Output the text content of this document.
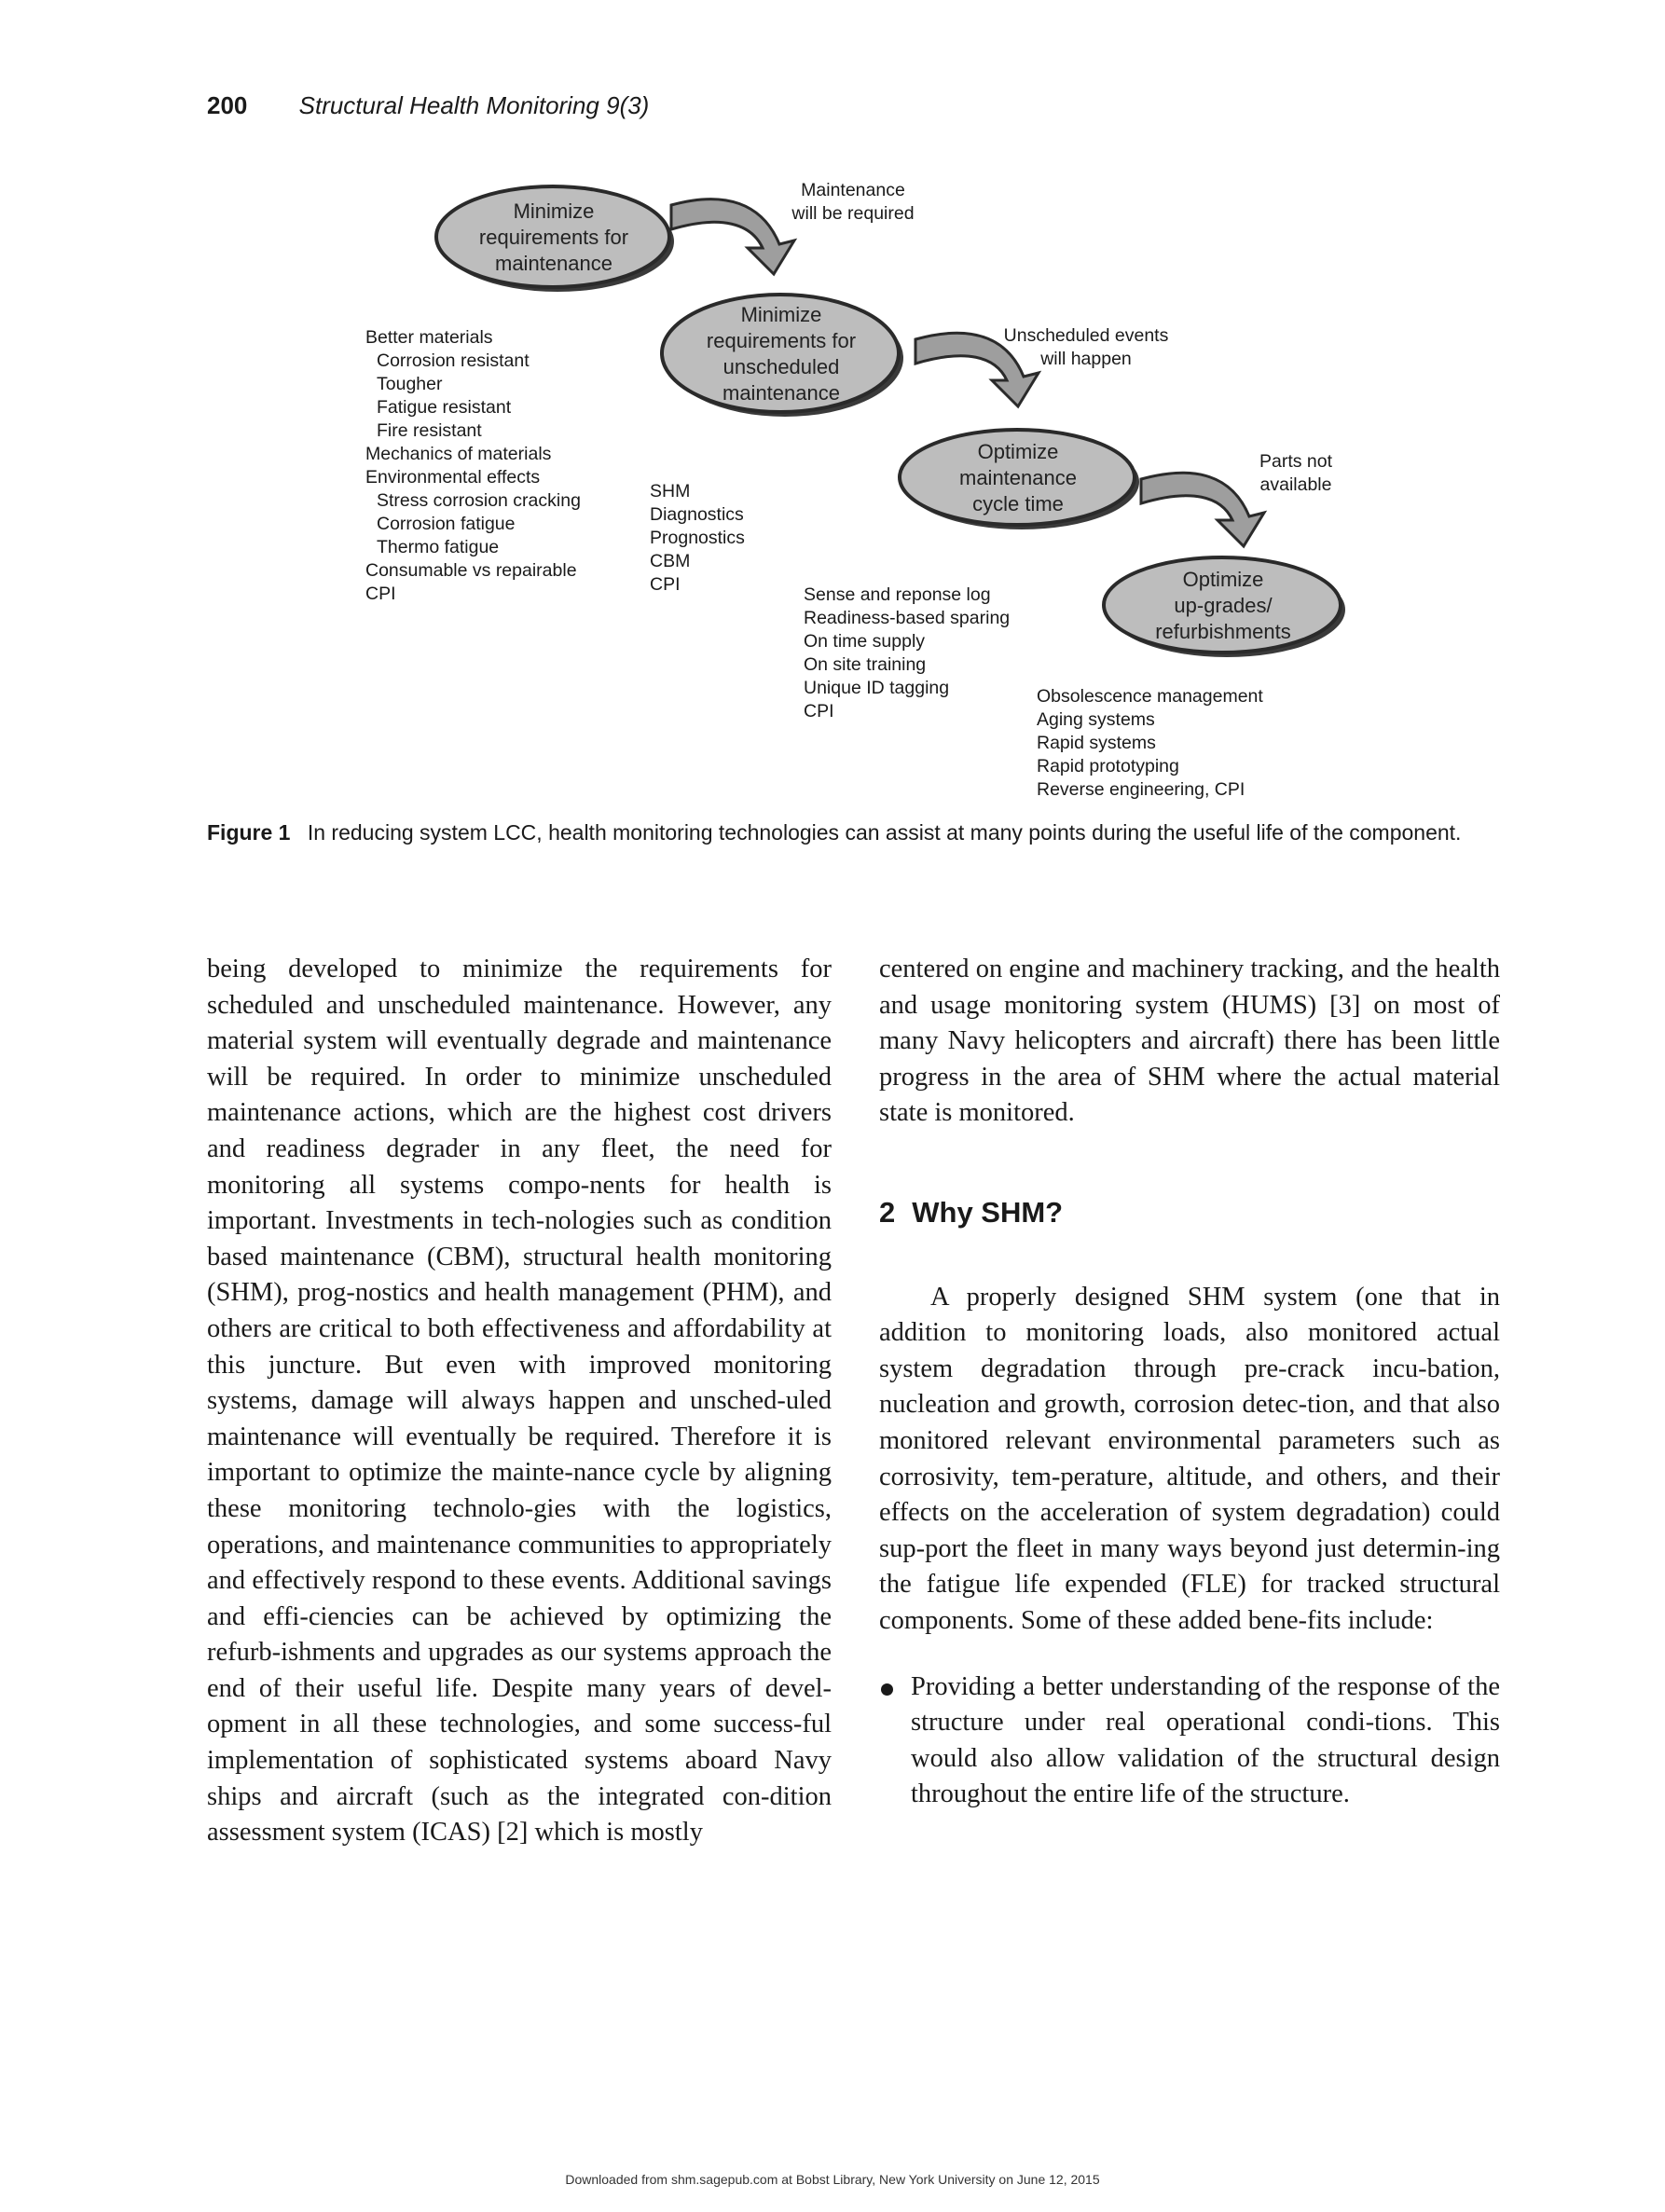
200 Structural Health Monitoring 9(3)
Minimize
requirements for
maintenance
Minimize
requirements for
unscheduled
maintenance
Optimize
maintenance
cycle time
Optimize
up-grades/
refurbishments
Maintenance
will be required
Unscheduled events
will happen
Parts not
available
Better materials
Corrosion resistant
Tougher
Fatigue resistant
Fire resistant
Mechanics of materials
Environmental effects
Stress corrosion cracking
Corrosion fatigue
Thermo fatigue
Consumable vs repairable
CPI
SHM
Diagnostics
Prognostics
CBM
CPI	Sense and reponse log
Readiness-based sparing
On time supply
On site training
Unique ID tagging
CPI
Obsolescence management
Aging systems
Rapid systems
Rapid prototyping
Reverse engineering, CPI
Figure 1 In reducing system LCC, health monitoring technologies can assist at many points during the useful life of the component.

being developed to minimize the requirements for scheduled and unscheduled maintenance. However, any material system will eventually degrade and maintenance will be required. In order to minimize unscheduled maintenance actions, which are the highest cost drivers and readiness degrader in any fleet, the need for monitoring all systems compo-nents for health is important. Investments in tech-nologies such as condition based maintenance (CBM), structural health monitoring (SHM), prog-nostics and health management (PHM), and others are critical to both effectiveness and affordability at this juncture. But even with improved monitoring systems, damage will always happen and unsched-uled maintenance will eventually be required. Therefore it is important to optimize the mainte-nance cycle by aligning these monitoring technolo-gies with the logistics, operations, and maintenance communities to appropriately and effectively respond to these events. Additional savings and effi-ciencies can be achieved by optimizing the refurb-ishments and upgrades as our systems approach the end of their useful life. Despite many years of devel-opment in all these technologies, and some success-ful implementation of sophisticated systems aboard Navy ships and aircraft (such as the integrated con-dition assessment system (ICAS) [2] which is mostly

centered on engine and machinery tracking, and the health and usage monitoring system (HUMS) [3] on most of many Navy helicopters and aircraft) there has been little progress in the area of SHM where the actual material state is monitored.

2 Why SHM?

A properly designed SHM system (one that in addition to monitoring loads, also monitored actual system degradation through pre-crack incu-bation, nucleation and growth, corrosion detec-tion, and that also monitored relevant environmental parameters such as corrosivity, tem-perature, altitude, and others, and their effects on the acceleration of system degradation) could sup-port the fleet in many ways beyond just determin-ing the fatigue life expended (FLE) for tracked structural components. Some of these added bene-fits include:

Providing a better understanding of the response of the structure under real operational condi-tions. This would also allow validation of the structural design throughout the entire life of the structure.
Downloaded from shm.sagepub.com at Bobst Library, New York University on June 12, 2015
